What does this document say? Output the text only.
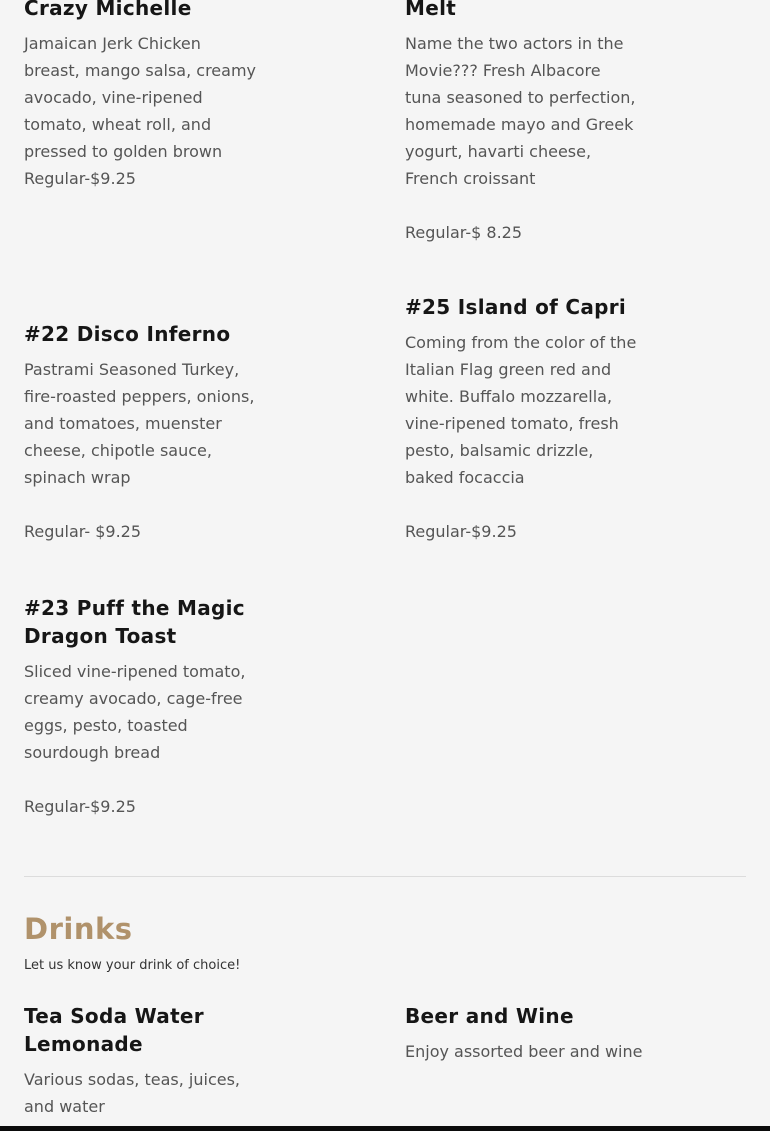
Crazy Michelle

Jamaican Jerk Chicken
breast, mango salsa, creamy
avocado, vine-ripened
tomato, wheat roll, and
pressed to golden brown

Regular-$9.25

Melt

Name the two actors in the
Movie??? Fresh Albacore
tuna seasoned to perfection,
homemade mayo and Greek
yogurt, havarti cheese,
French croissant

Regular-$ 8.25

#22 Disco Inferno

Pastrami Seasoned Turkey,
fire-roasted peppers, onions,
and tomatoes, muenster
cheese, chipotle sauce,
spinach wrap

Regular- $9.25

#25 Island of Capri

Coming from the color of the
Italian Flag green red and
white. Buffalo mozzarella,
vine-ripened tomato, fresh
pesto, balsamic drizzle,
baked focaccia

Regular-$9.25

#23 Puff the Magic
Dragon Toast

Sliced vine-ripened tomato,
creamy avocado, cage-free
eggs, pesto, toasted
sourdough bread

Regular-$9.25

Drinks

Let us know your drink of choice!

Tea Soda Water
Lemonade

Various sodas, teas, juices,
and water

Beer and Wine

Enjoy assorted beer and wine
